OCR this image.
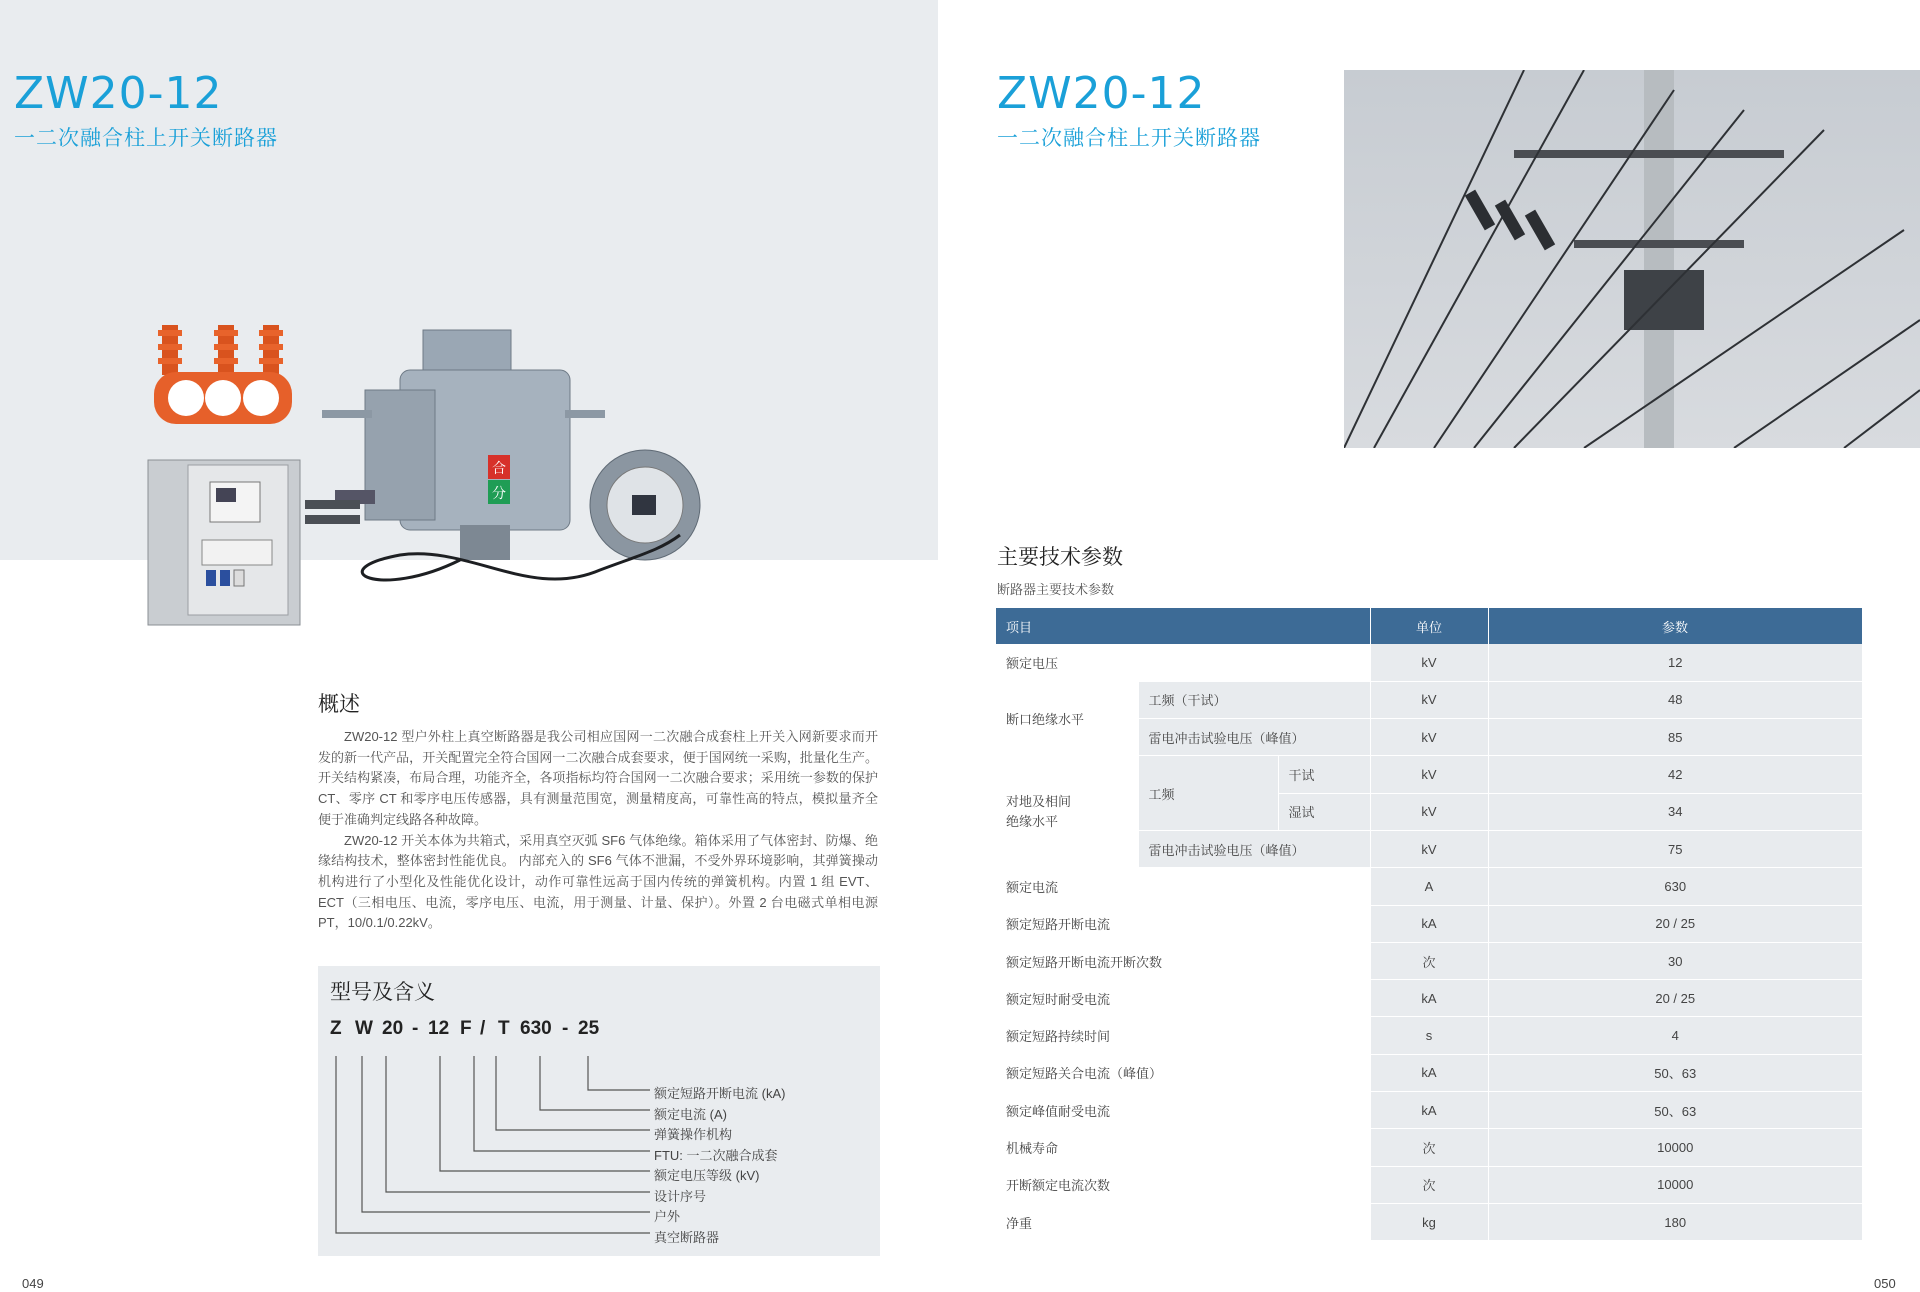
ZW20-12
一二次融合柱上开关断路器
合
分
概述

ZW20-12 型户外柱上真空断路器是我公司相应国网一二次融合成套柱上开关入网新要求而开发的新一代产品，开关配置完全符合国网一二次融合成套要求，便于国网统一采购，批量化生产。开关结构紧凑，布局合理，功能齐全，各项指标均符合国网一二次融合要求；采用统一参数的保护 CT、零序 CT 和零序电压传感器，具有测量范围宽，测量精度高，可靠性高的特点，模拟量齐全便于准确判定线路各种故障。

ZW20-12 开关本体为共箱式，采用真空灭弧 SF6 气体绝缘。箱体采用了气体密封、防爆、绝缘结构技术，整体密封性能优良。 内部充入的 SF6 气体不泄漏，不受外界环境影响，其弹簧操动机构进行了小型化及性能优化设计，动作可靠性远高于国内传统的弹簧机构。内置 1 组 EVT、ECT（三相电压、电流，零序电压、电流，用于测量、计量、保护）。外置 2 台电磁式单相电源 PT，10/0.1/0.22kV。

型号及含义
Z W 20 - 12 F / T 630 - 25
额定短路开断电流 (kA)
额定电流 (A)
弹簧操作机构
FTU: 一二次融合成套
额定电压等级 (kV)
设计序号
户外
真空断路器
049
ZW20-12
一二次融合柱上开关断路器
主要技术参数
断路器主要技术参数
项目			单位	参数
额定电压			kV	12
断口绝缘水平	工频（干试）		kV	48
	雷电冲击试验电压（峰值）		kV	85
对地及相间
绝缘水平	工频	干试	kV	42
		湿试	kV	34
	雷电冲击试验电压（峰值）		kV	75
额定电流			A	630
额定短路开断电流			kA	20 / 25
额定短路开断电流开断次数			次	30
额定短时耐受电流			kA	20 / 25
额定短路持续时间			s	4
额定短路关合电流（峰值）			kA	50、63
额定峰值耐受电流			kA	50、63
机械寿命			次	10000
开断额定电流次数			次	10000
净重			kg	180
050
